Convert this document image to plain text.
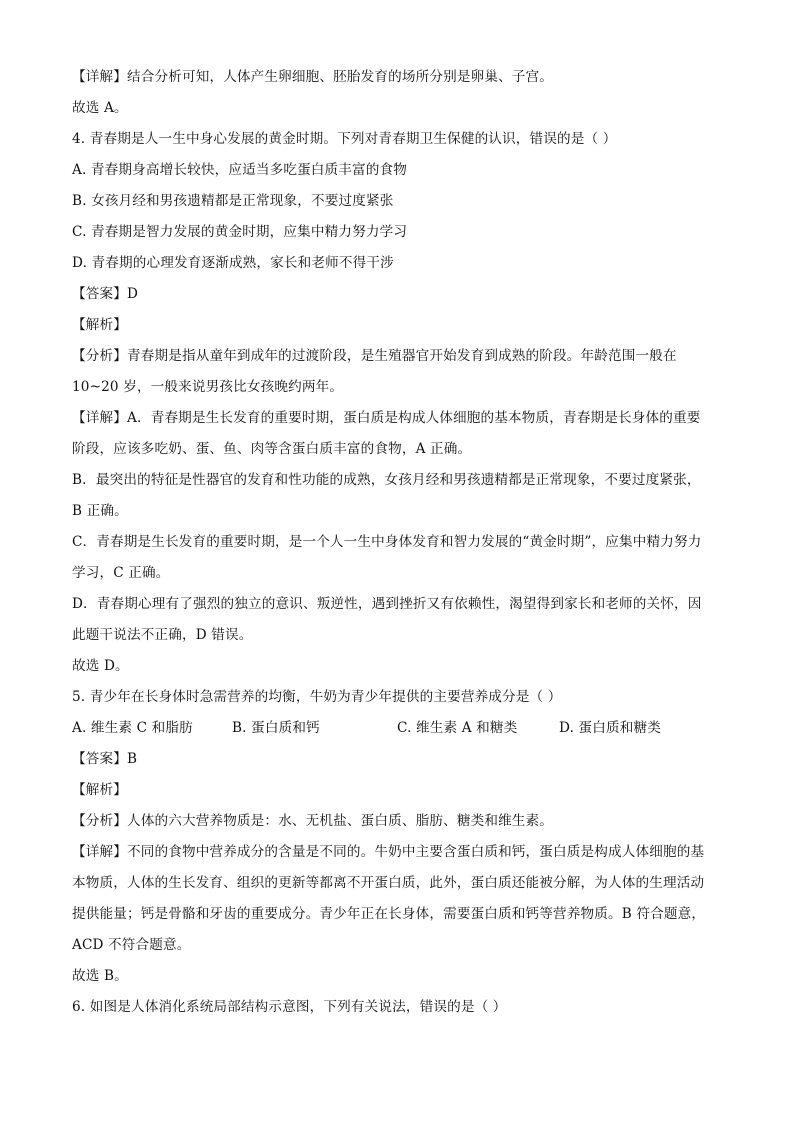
【详解】结合分析可知，人体产生卵细胞、胚胎发育的场所分别是卵巢、子宫。
故选 A。
4. 青春期是人一生中身心发展的黄金时期。下列对青春期卫生保健的认识，错误的是（ ）
A. 青春期身高增长较快，应适当多吃蛋白质丰富的食物
B. 女孩月经和男孩遗精都是正常现象，不要过度紧张
C. 青春期是智力发展的黄金时期，应集中精力努力学习
D. 青春期的心理发育逐渐成熟，家长和老师不得干涉
【答案】D
【解析】
【分析】青春期是指从童年到成年的过渡阶段，是生殖器官开始发育到成熟的阶段。年龄范围一般在
10~20 岁，一般来说男孩比女孩晚约两年。
【详解】A．青春期是生长发育的重要时期，蛋白质是构成人体细胞的基本物质，青春期是长身体的重要
阶段，应该多吃奶、蛋、鱼、肉等含蛋白质丰富的食物，A 正确。
B．最突出的特征是性器官的发育和性功能的成熟，女孩月经和男孩遗精都是正常现象，不要过度紧张，
B 正确。
C．青春期是生长发育的重要时期，是一个人一生中身体发育和智力发展的“黄金时期”，应集中精力努力
学习，C 正确。
D．青春期心理有了强烈的独立的意识、叛逆性，遇到挫折又有依赖性，渴望得到家长和老师的关怀，因
此题干说法不正确，D 错误。
故选 D。
5. 青少年在长身体时急需营养的均衡，牛奶为青少年提供的主要营养成分是（ ）
A. 维生素 C 和脂肪	B. 蛋白质和钙	C. 维生素 A 和糖类	D. 蛋白质和糖类
【答案】B
【解析】
【分析】人体的六大营养物质是：水、无机盐、蛋白质、脂肪、糖类和维生素。
【详解】不同的食物中营养成分的含量是不同的。牛奶中主要含蛋白质和钙，蛋白质是构成人体细胞的基
本物质，人体的生长发育、组织的更新等都离不开蛋白质，此外，蛋白质还能被分解，为人体的生理活动
提供能量；钙是骨骼和牙齿的重要成分。青少年正在长身体，需要蛋白质和钙等营养物质。B 符合题意，
ACD 不符合题意。
故选 B。
6. 如图是人体消化系统局部结构示意图，下列有关说法，错误的是（ ）
